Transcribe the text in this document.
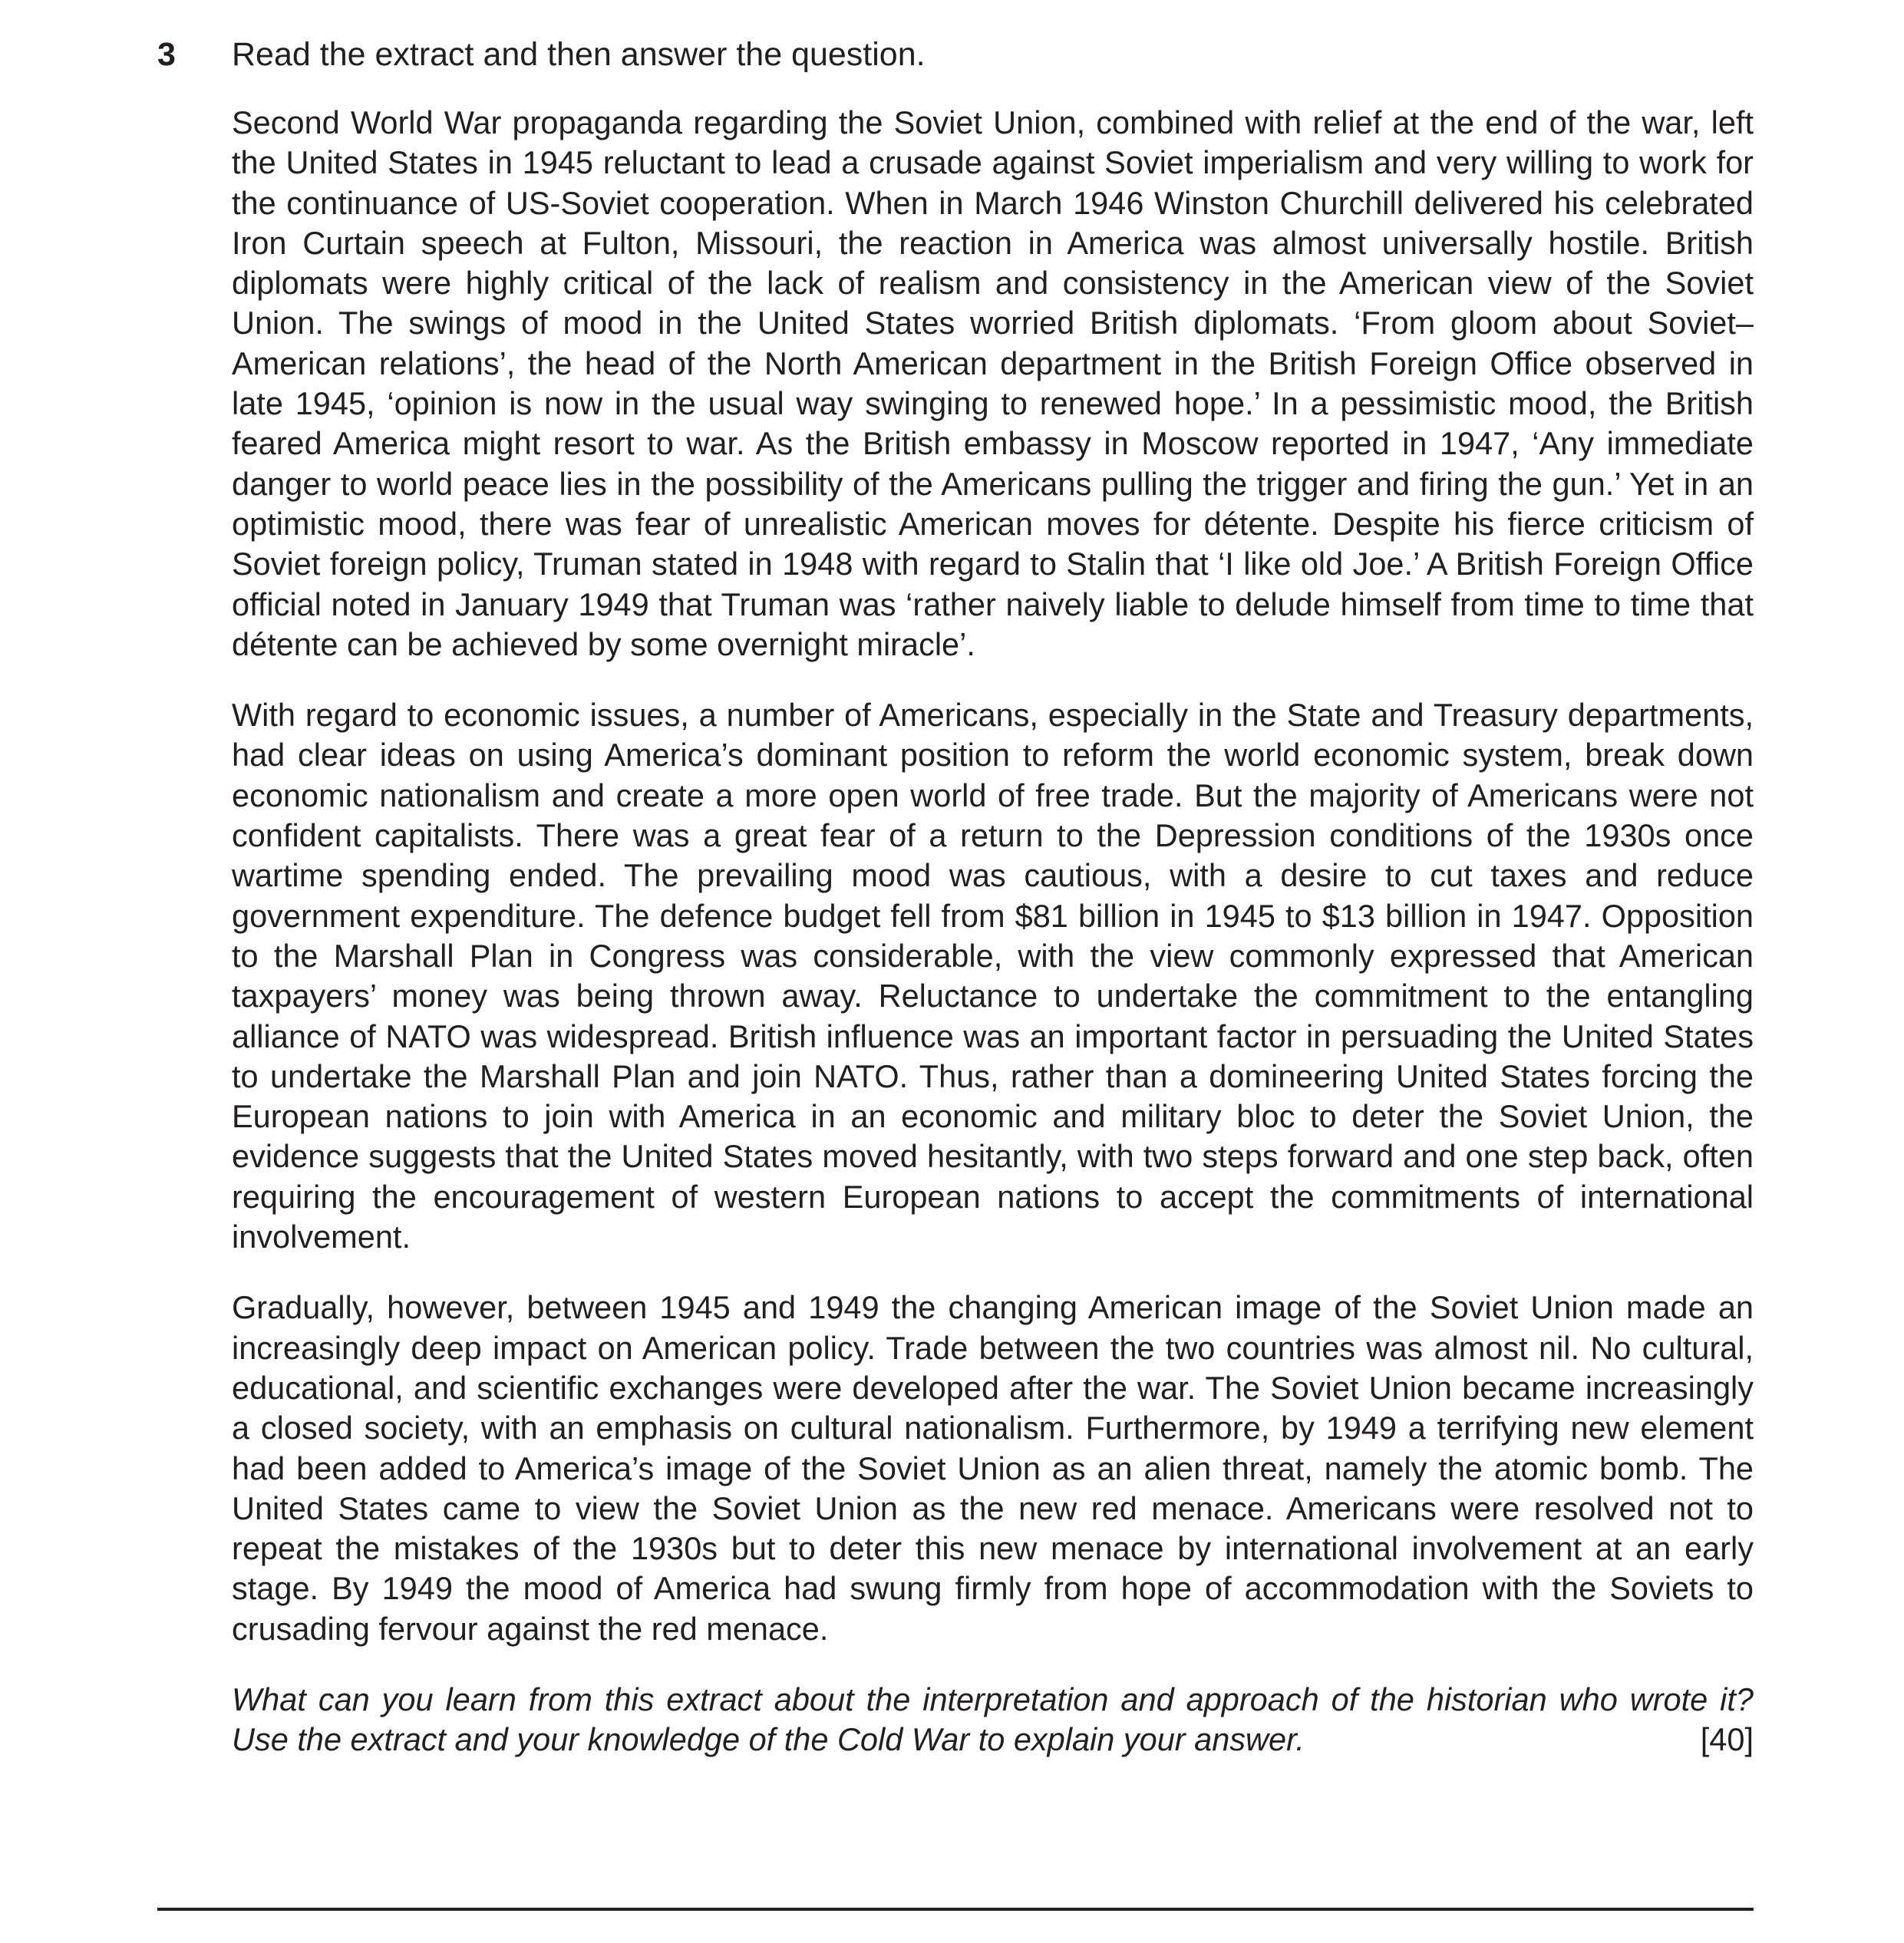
3 Read the extract and then answer the question.

Second World War propaganda regarding the Soviet Union, combined with relief at the end of the war, left the United States in 1945 reluctant to lead a crusade against Soviet imperialism and very willing to work for the continuance of US-Soviet cooperation. When in March 1946 Winston Churchill delivered his celebrated Iron Curtain speech at Fulton, Missouri, the reaction in America was almost universally hostile. British diplomats were highly critical of the lack of realism and consistency in the American view of the Soviet Union. The swings of mood in the United States worried British diplomats. ‘From gloom about Soviet–American relations’, the head of the North American department in the British Foreign Office observed in late 1945, ‘opinion is now in the usual way swinging to renewed hope.’ In a pessimistic mood, the British feared America might resort to war. As the British embassy in Moscow reported in 1947, ‘Any immediate danger to world peace lies in the possibility of the Americans pulling the trigger and firing the gun.’ Yet in an optimistic mood, there was fear of unrealistic American moves for détente. Despite his fierce criticism of Soviet foreign policy, Truman stated in 1948 with regard to Stalin that ‘I like old Joe.’ A British Foreign Office official noted in January 1949 that Truman was ‘rather naively liable to delude himself from time to time that détente can be achieved by some overnight miracle’.

With regard to economic issues, a number of Americans, especially in the State and Treasury departments, had clear ideas on using America’s dominant position to reform the world economic system, break down economic nationalism and create a more open world of free trade. But the majority of Americans were not confident capitalists. There was a great fear of a return to the Depression conditions of the 1930s once wartime spending ended. The prevailing mood was cautious, with a desire to cut taxes and reduce government expenditure. The defence budget fell from $81 billion in 1945 to $13 billion in 1947. Opposition to the Marshall Plan in Congress was considerable, with the view commonly expressed that American taxpayers’ money was being thrown away. Reluctance to undertake the commitment to the entangling alliance of NATO was widespread. British influence was an important factor in persuading the United States to undertake the Marshall Plan and join NATO. Thus, rather than a domineering United States forcing the European nations to join with America in an economic and military bloc to deter the Soviet Union, the evidence suggests that the United States moved hesitantly, with two steps forward and one step back, often requiring the encouragement of western European nations to accept the commitments of international involvement.

Gradually, however, between 1945 and 1949 the changing American image of the Soviet Union made an increasingly deep impact on American policy. Trade between the two countries was almost nil. No cultural, educational, and scientific exchanges were developed after the war. The Soviet Union became increasingly a closed society, with an emphasis on cultural nationalism. Furthermore, by 1949 a terrifying new element had been added to America’s image of the Soviet Union as an alien threat, namely the atomic bomb. The United States came to view the Soviet Union as the new red menace. Americans were resolved not to repeat the mistakes of the 1930s but to deter this new menace by international involvement at an early stage. By 1949 the mood of America had swung firmly from hope of accommodation with the Soviets to crusading fervour against the red menace.

What can you learn from this extract about the interpretation and approach of the historian who wrote it? Use the extract and your knowledge of the Cold War to explain your answer.	[40]
